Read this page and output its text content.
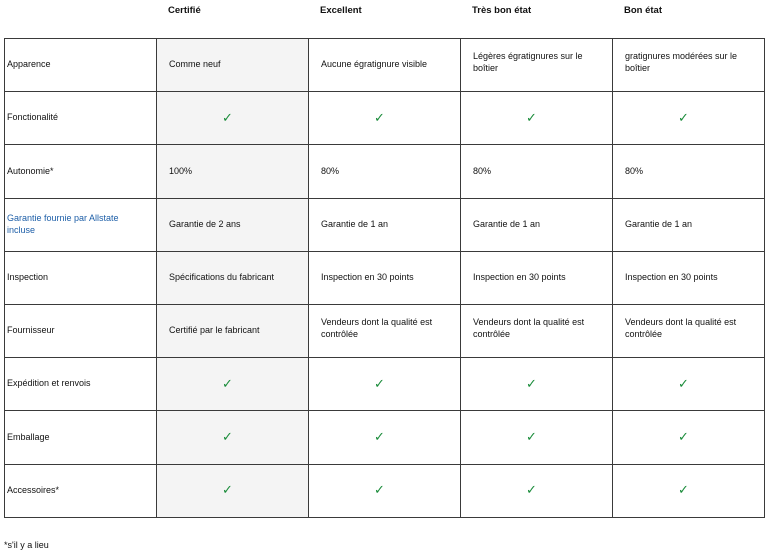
Certifié	Excellent	Très bon état	Bon état
Apparence	Comme neuf	Aucune égratignure visible	Légères égratignures sur le boîtier	gratignures modérées sur le boîtier
Fonctionalité	✓	✓	✓	✓

Autonomie*	100%	80%	80%	80%
Garantie fournie par Allstate incluse	Garantie de 2 ans	Garantie de 1 an	Garantie de 1 an	Garantie de 1 an
Inspection	Spécifications du fabricant	Inspection en 30 points	Inspection en 30 points	Inspection en 30 points
Fournisseur	Certifié par le fabricant	Vendeurs dont la qualité est contrôlée	Vendeurs dont la qualité est contrôlée	Vendeurs dont la qualité est contrôlée
Expédition et renvois	✓	✓	✓	✓

Emballage	✓	✓	✓	✓

Accessoires*	✓	✓	✓	✓
*s'il y a lieu
